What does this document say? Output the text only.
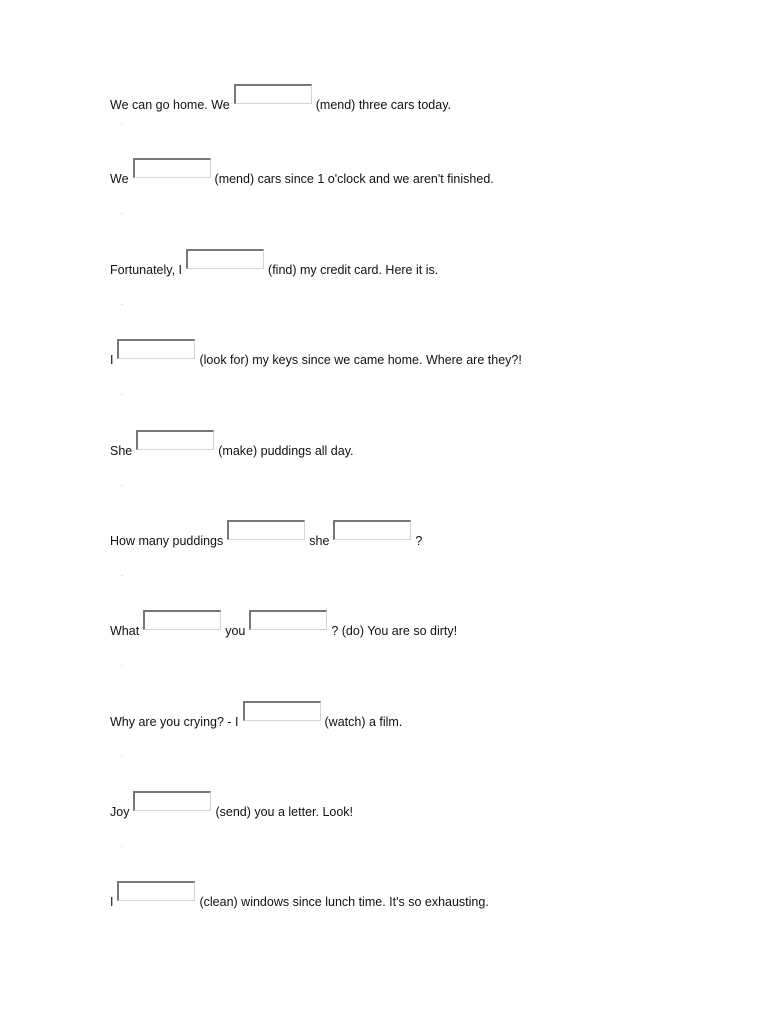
We can go home. We	(mend) three cars today.
We	(mend) cars since 1 o'clock and we aren't finished.
Fortunately, I	(find) my credit card. Here it is.
I	(look for) my keys since we came home. Where are they?!
She	(make) puddings all day.
How many puddings	she	?
What	you	? (do) You are so dirty!
Why are you crying? - I	(watch) a film.
Joy	(send) you a letter. Look!
I	(clean) windows since lunch time. It's so exhausting.
